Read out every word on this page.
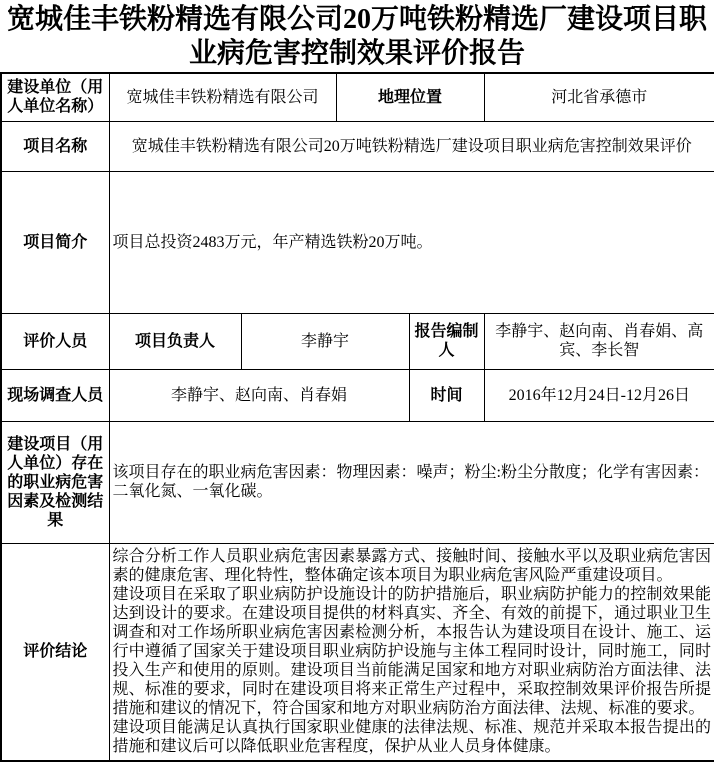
宽城佳丰铁粉精选有限公司20万吨铁粉精选厂建设项目职业病危害控制效果评价报告
建设单位（用人单位名称）	宽城佳丰铁粉精选有限公司		地理位置		河北省承德市
项目名称	宽城佳丰铁粉精选有限公司20万吨铁粉精选厂建设项目职业病危害控制效果评价				
项目简介	项目总投资2483万元，年产精选铁粉20万吨。				
评价人员	项目负责人	李静宇		报告编制人	李静宇、赵向南、肖春娟、高宾、李长智
现场调查人员	李静宇、赵向南、肖春娟			时间	2016年12月24日-12月26日
建设项目（用人单位）存在的职业病危害因素及检测结果	该项目存在的职业病危害因素：物理因素：噪声；粉尘:粉尘分散度；化学有害因素：二氧化氮、一氧化碳。				
评价结论	综合分析工作人员职业病危害因素暴露方式、接触时间、接触水平以及职业病危害因素的健康危害、理化特性，整体确定该本项目为职业病危害风险严重建设项目。
建设项目在采取了职业病防护设施设计的防护措施后，职业病防护能力的控制效果能达到设计的要求。在建设项目提供的材料真实、齐全、有效的前提下，通过职业卫生调查和对工作场所职业病危害因素检测分析，本报告认为建设项目在设计、施工、运行中遵循了国家关于建设项目职业病防护设施与主体工程同时设计，同时施工，同时投入生产和使用的原则。建设项目当前能满足国家和地方对职业病防治方面法律、法规、标准的要求，同时在建设项目将来正常生产过程中，采取控制效果评价报告所提措施和建议的情况下，符合国家和地方对职业病防治方面法律、法规、标准的要求。
建设项目能满足认真执行国家职业健康的法律法规、标准、规范并采取本报告提出的措施和建议后可以降低职业危害程度，保护从业人员身体健康。				
